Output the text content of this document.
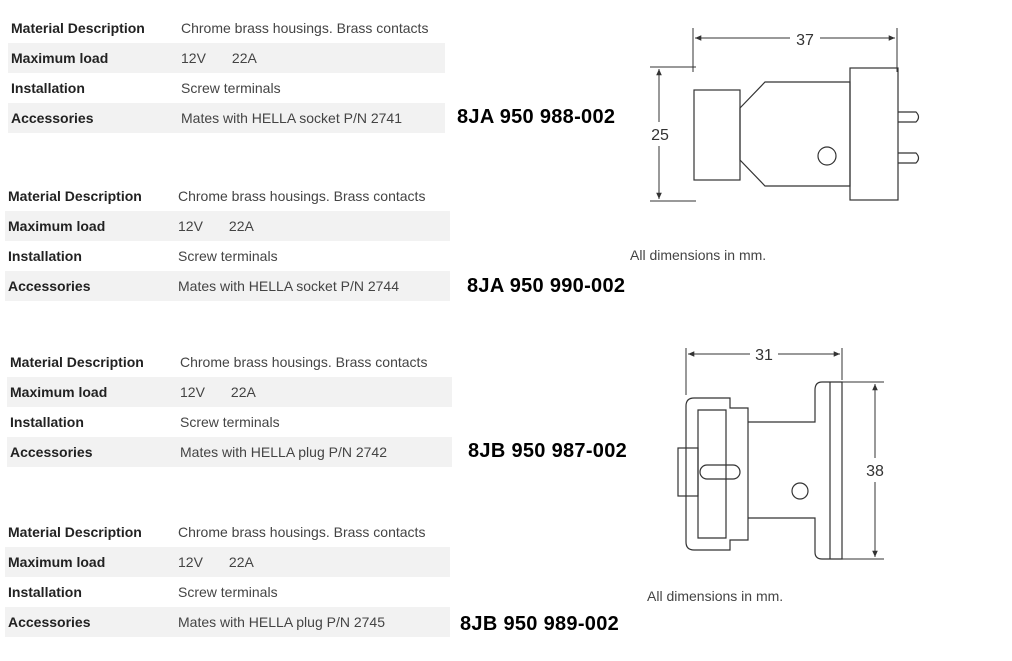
Material Description	Chrome brass housings. Brass contacts
Maximum load	12V 22A
Installation	Screw terminals
Accessories	Mates with HELLA socket P/N 2741
Material Description	Chrome brass housings. Brass contacts
Maximum load	12V 22A
Installation	Screw terminals
Accessories	Mates with HELLA socket P/N 2744
Material Description	Chrome brass housings. Brass contacts
Maximum load	12V 22A
Installation	Screw terminals
Accessories	Mates with HELLA plug P/N 2742
Material Description	Chrome brass housings. Brass contacts
Maximum load	12V 22A
Installation	Screw terminals
Accessories	Mates with HELLA plug P/N 2745
8JA 950 988-002
8JA 950 990-002
8JB 950 987-002
8JB 950 989-002
37
25
All dimensions in mm.
31
38
All dimensions in mm.
